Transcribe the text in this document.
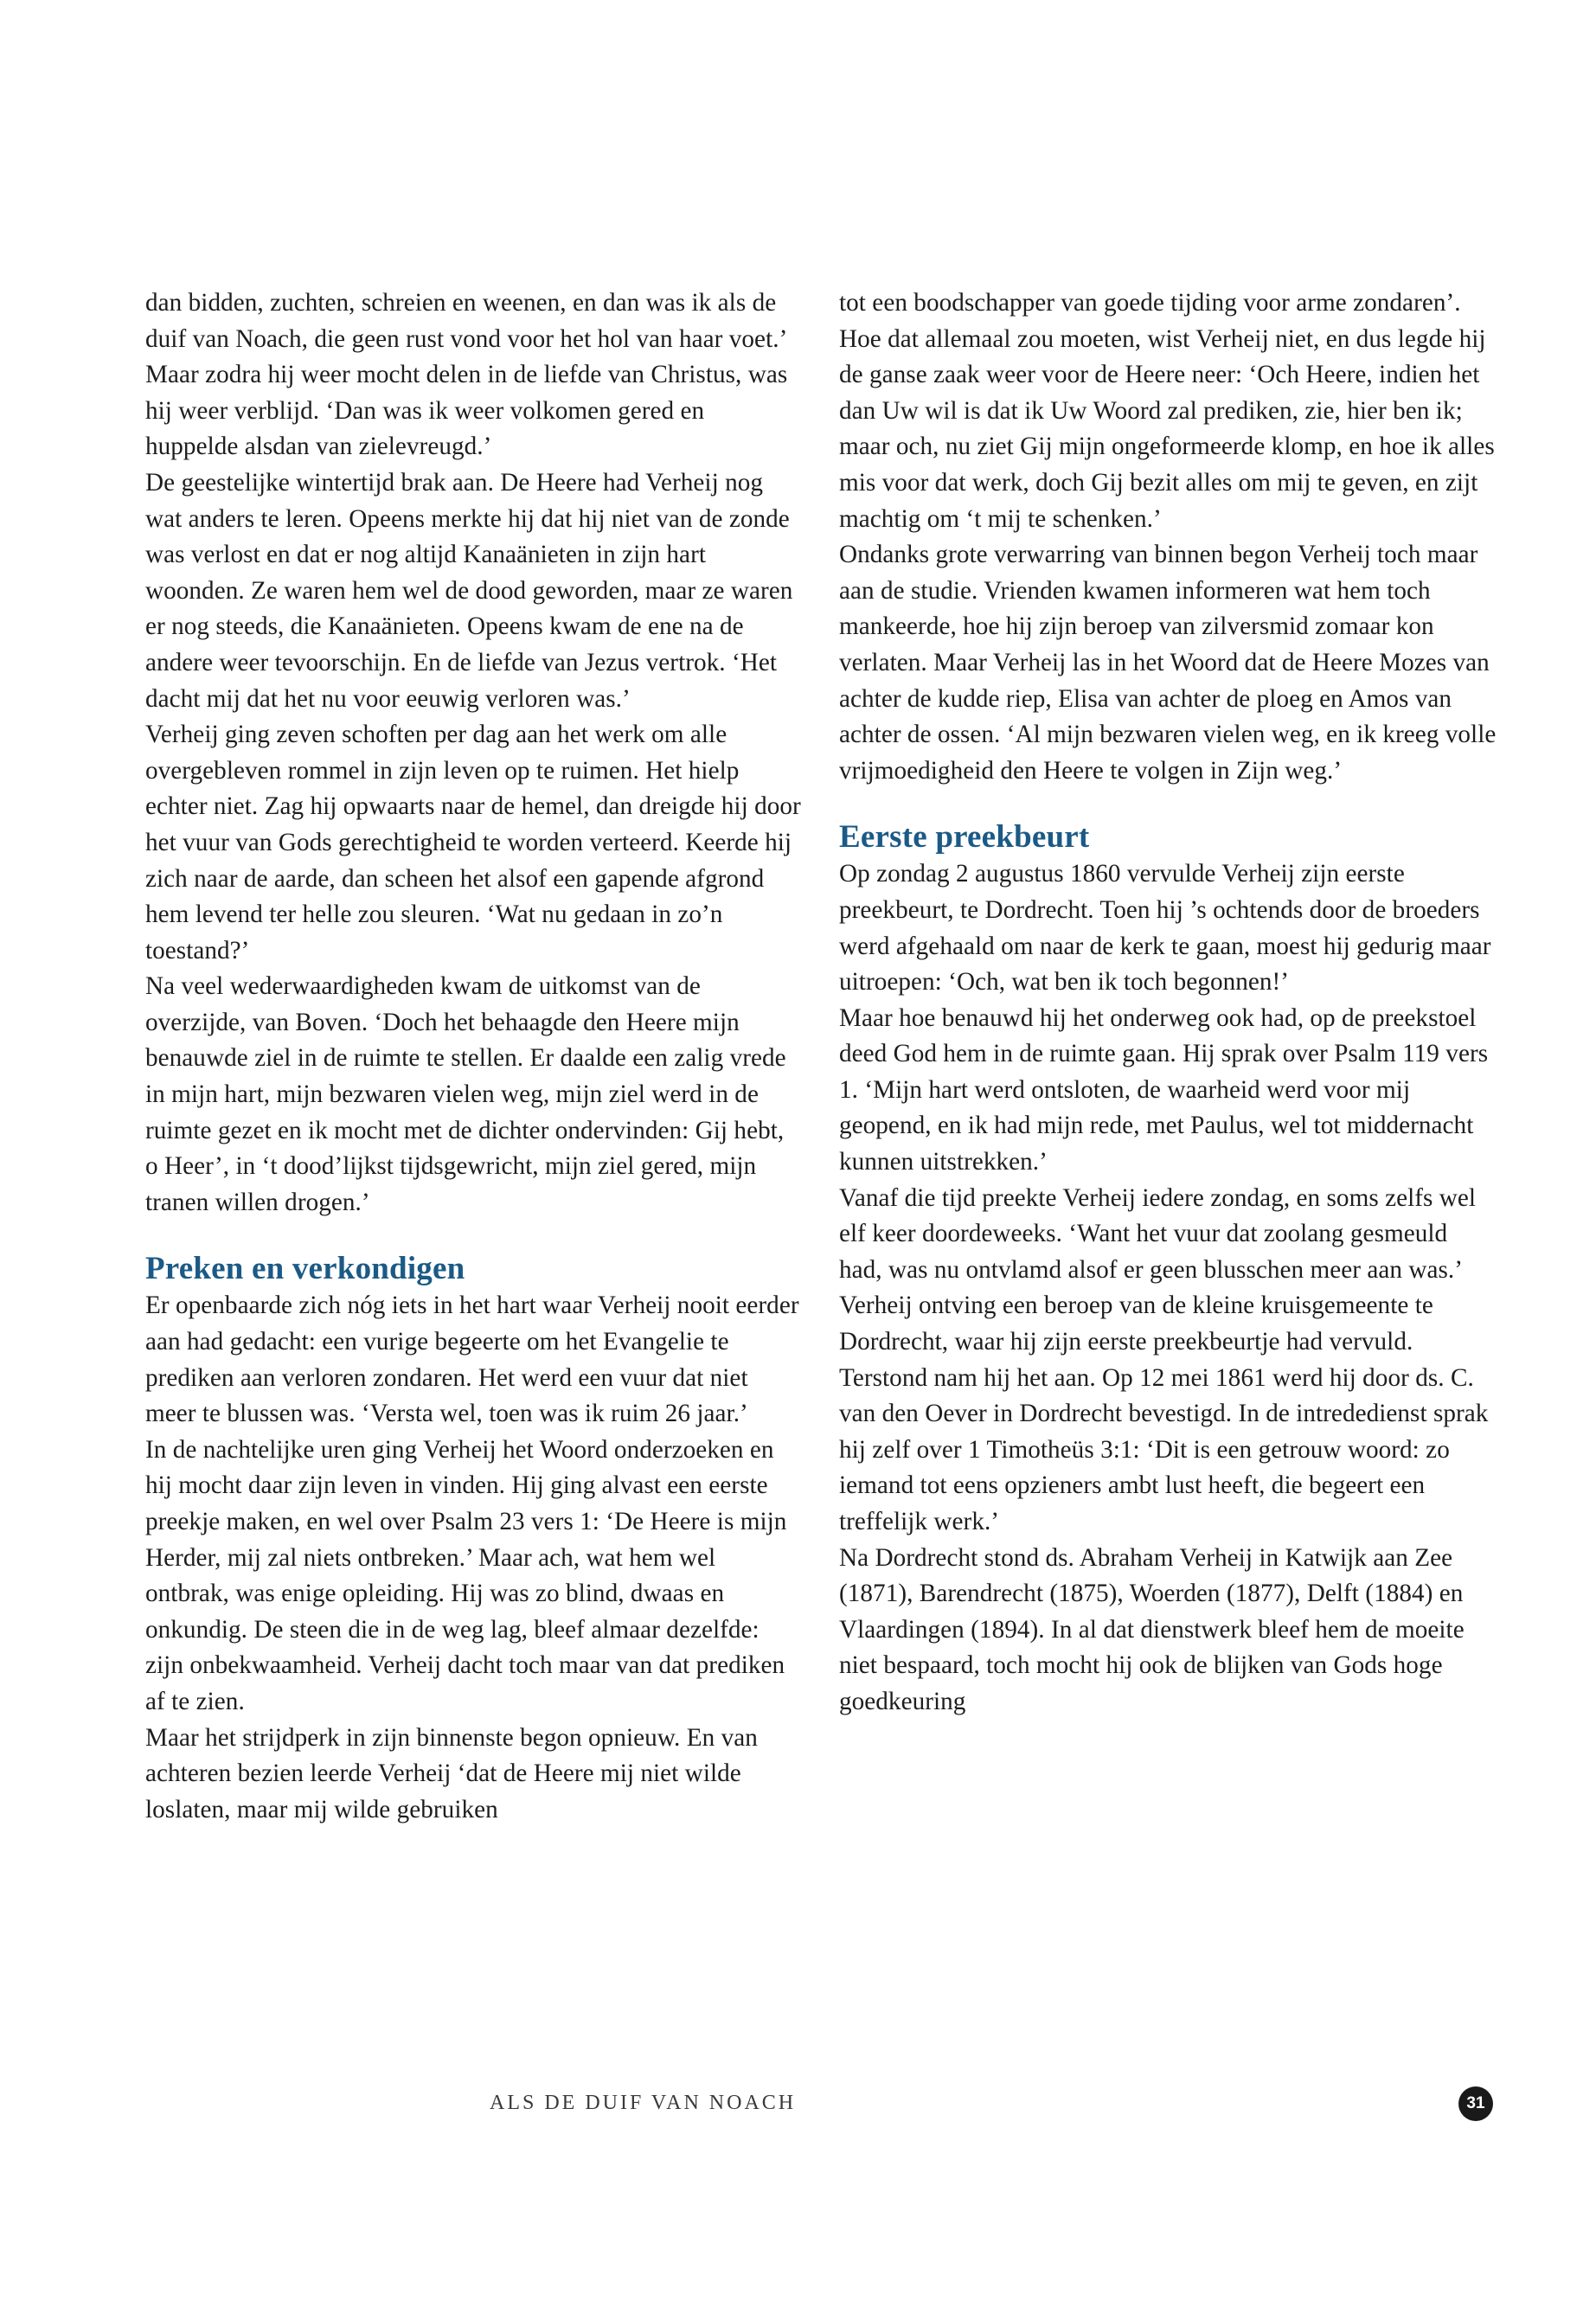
dan bidden, zuchten, schreien en weenen, en dan was ik als de duif van Noach, die geen rust vond voor het hol van haar voet.’ Maar zodra hij weer mocht delen in de liefde van Christus, was hij weer verblijd. ‘Dan was ik weer volkomen gered en huppelde alsdan van zielevreugd.’

De geestelijke wintertijd brak aan. De Heere had Verheij nog wat anders te leren. Opeens merkte hij dat hij niet van de zonde was verlost en dat er nog altijd Kanaänieten in zijn hart woonden. Ze waren hem wel de dood geworden, maar ze waren er nog steeds, die Kanaänieten. Opeens kwam de ene na de andere weer tevoorschijn. En de liefde van Jezus vertrok. ‘Het dacht mij dat het nu voor eeuwig verloren was.’

Verheij ging zeven schoften per dag aan het werk om alle overgebleven rommel in zijn leven op te ruimen. Het hielp echter niet. Zag hij opwaarts naar de hemel, dan dreigde hij door het vuur van Gods gerechtigheid te worden verteerd. Keerde hij zich naar de aarde, dan scheen het alsof een gapende afgrond hem levend ter helle zou sleuren. ‘Wat nu gedaan in zo’n toestand?’

Na veel wederwaardigheden kwam de uitkomst van de overzijde, van Boven. ‘Doch het behaagde den Heere mijn benauwde ziel in de ruimte te stellen. Er daalde een zalig vrede in mijn hart, mijn bezwaren vielen weg, mijn ziel werd in de ruimte gezet en ik mocht met de dichter ondervinden: Gij hebt, o Heer’, in ‘t dood’lijkst tijdsgewricht, mijn ziel gered, mijn tranen willen drogen.’

Preken en verkondigen

Er openbaarde zich nóg iets in het hart waar Verheij nooit eerder aan had gedacht: een vurige begeerte om het Evangelie te prediken aan verloren zondaren. Het werd een vuur dat niet meer te blussen was. ‘Versta wel, toen was ik ruim 26 jaar.’

In de nachtelijke uren ging Verheij het Woord onderzoeken en hij mocht daar zijn leven in vinden. Hij ging alvast een eerste preekje maken, en wel over Psalm 23 vers 1: ‘De Heere is mijn Herder, mij zal niets ontbreken.’ Maar ach, wat hem wel ontbrak, was enige opleiding. Hij was zo blind, dwaas en onkundig. De steen die in de weg lag, bleef almaar dezelfde: zijn onbekwaamheid. Verheij dacht toch maar van dat prediken af te zien.

Maar het strijdperk in zijn binnenste begon opnieuw. En van achteren bezien leerde Verheij ‘dat de Heere mij niet wilde loslaten, maar mij wilde gebruiken

tot een boodschapper van goede tijding voor arme zondaren’.

Hoe dat allemaal zou moeten, wist Verheij niet, en dus legde hij de ganse zaak weer voor de Heere neer: ‘Och Heere, indien het dan Uw wil is dat ik Uw Woord zal prediken, zie, hier ben ik; maar och, nu ziet Gij mijn ongeformeerde klomp, en hoe ik alles mis voor dat werk, doch Gij bezit alles om mij te geven, en zijt machtig om ‘t mij te schenken.’

Ondanks grote verwarring van binnen begon Verheij toch maar aan de studie. Vrienden kwamen informeren wat hem toch mankeerde, hoe hij zijn beroep van zilversmid zomaar kon verlaten. Maar Verheij las in het Woord dat de Heere Mozes van achter de kudde riep, Elisa van achter de ploeg en Amos van achter de ossen. ‘Al mijn bezwaren vielen weg, en ik kreeg volle vrijmoedigheid den Heere te volgen in Zijn weg.’

Eerste preekbeurt

Op zondag 2 augustus 1860 vervulde Verheij zijn eerste preekbeurt, te Dordrecht. Toen hij ’s ochtends door de broeders werd afgehaald om naar de kerk te gaan, moest hij gedurig maar uitroepen: ‘Och, wat ben ik toch begonnen!’

Maar hoe benauwd hij het onderweg ook had, op de preekstoel deed God hem in de ruimte gaan. Hij sprak over Psalm 119 vers 1. ‘Mijn hart werd ontsloten, de waarheid werd voor mij geopend, en ik had mijn rede, met Paulus, wel tot middernacht kunnen uitstrekken.’

Vanaf die tijd preekte Verheij iedere zondag, en soms zelfs wel elf keer doordeweeks. ‘Want het vuur dat zoolang gesmeuld had, was nu ontvlamd alsof er geen blusschen meer aan was.’

Verheij ontving een beroep van de kleine kruisgemeente te Dordrecht, waar hij zijn eerste preekbeurtje had vervuld. Terstond nam hij het aan. Op 12 mei 1861 werd hij door ds. C. van den Oever in Dordrecht bevestigd. In de intrededienst sprak hij zelf over 1 Timotheüs 3:1: ‘Dit is een getrouw woord: zo iemand tot eens opzieners ambt lust heeft, die begeert een treffelijk werk.’

Na Dordrecht stond ds. Abraham Verheij in Katwijk aan Zee (1871), Barendrecht (1875), Woerden (1877), Delft (1884) en Vlaardingen (1894). In al dat dienstwerk bleef hem de moeite niet bespaard, toch mocht hij ook de blijken van Gods hoge goedkeuring

ALS DE DUIF VAN NOACH	31
